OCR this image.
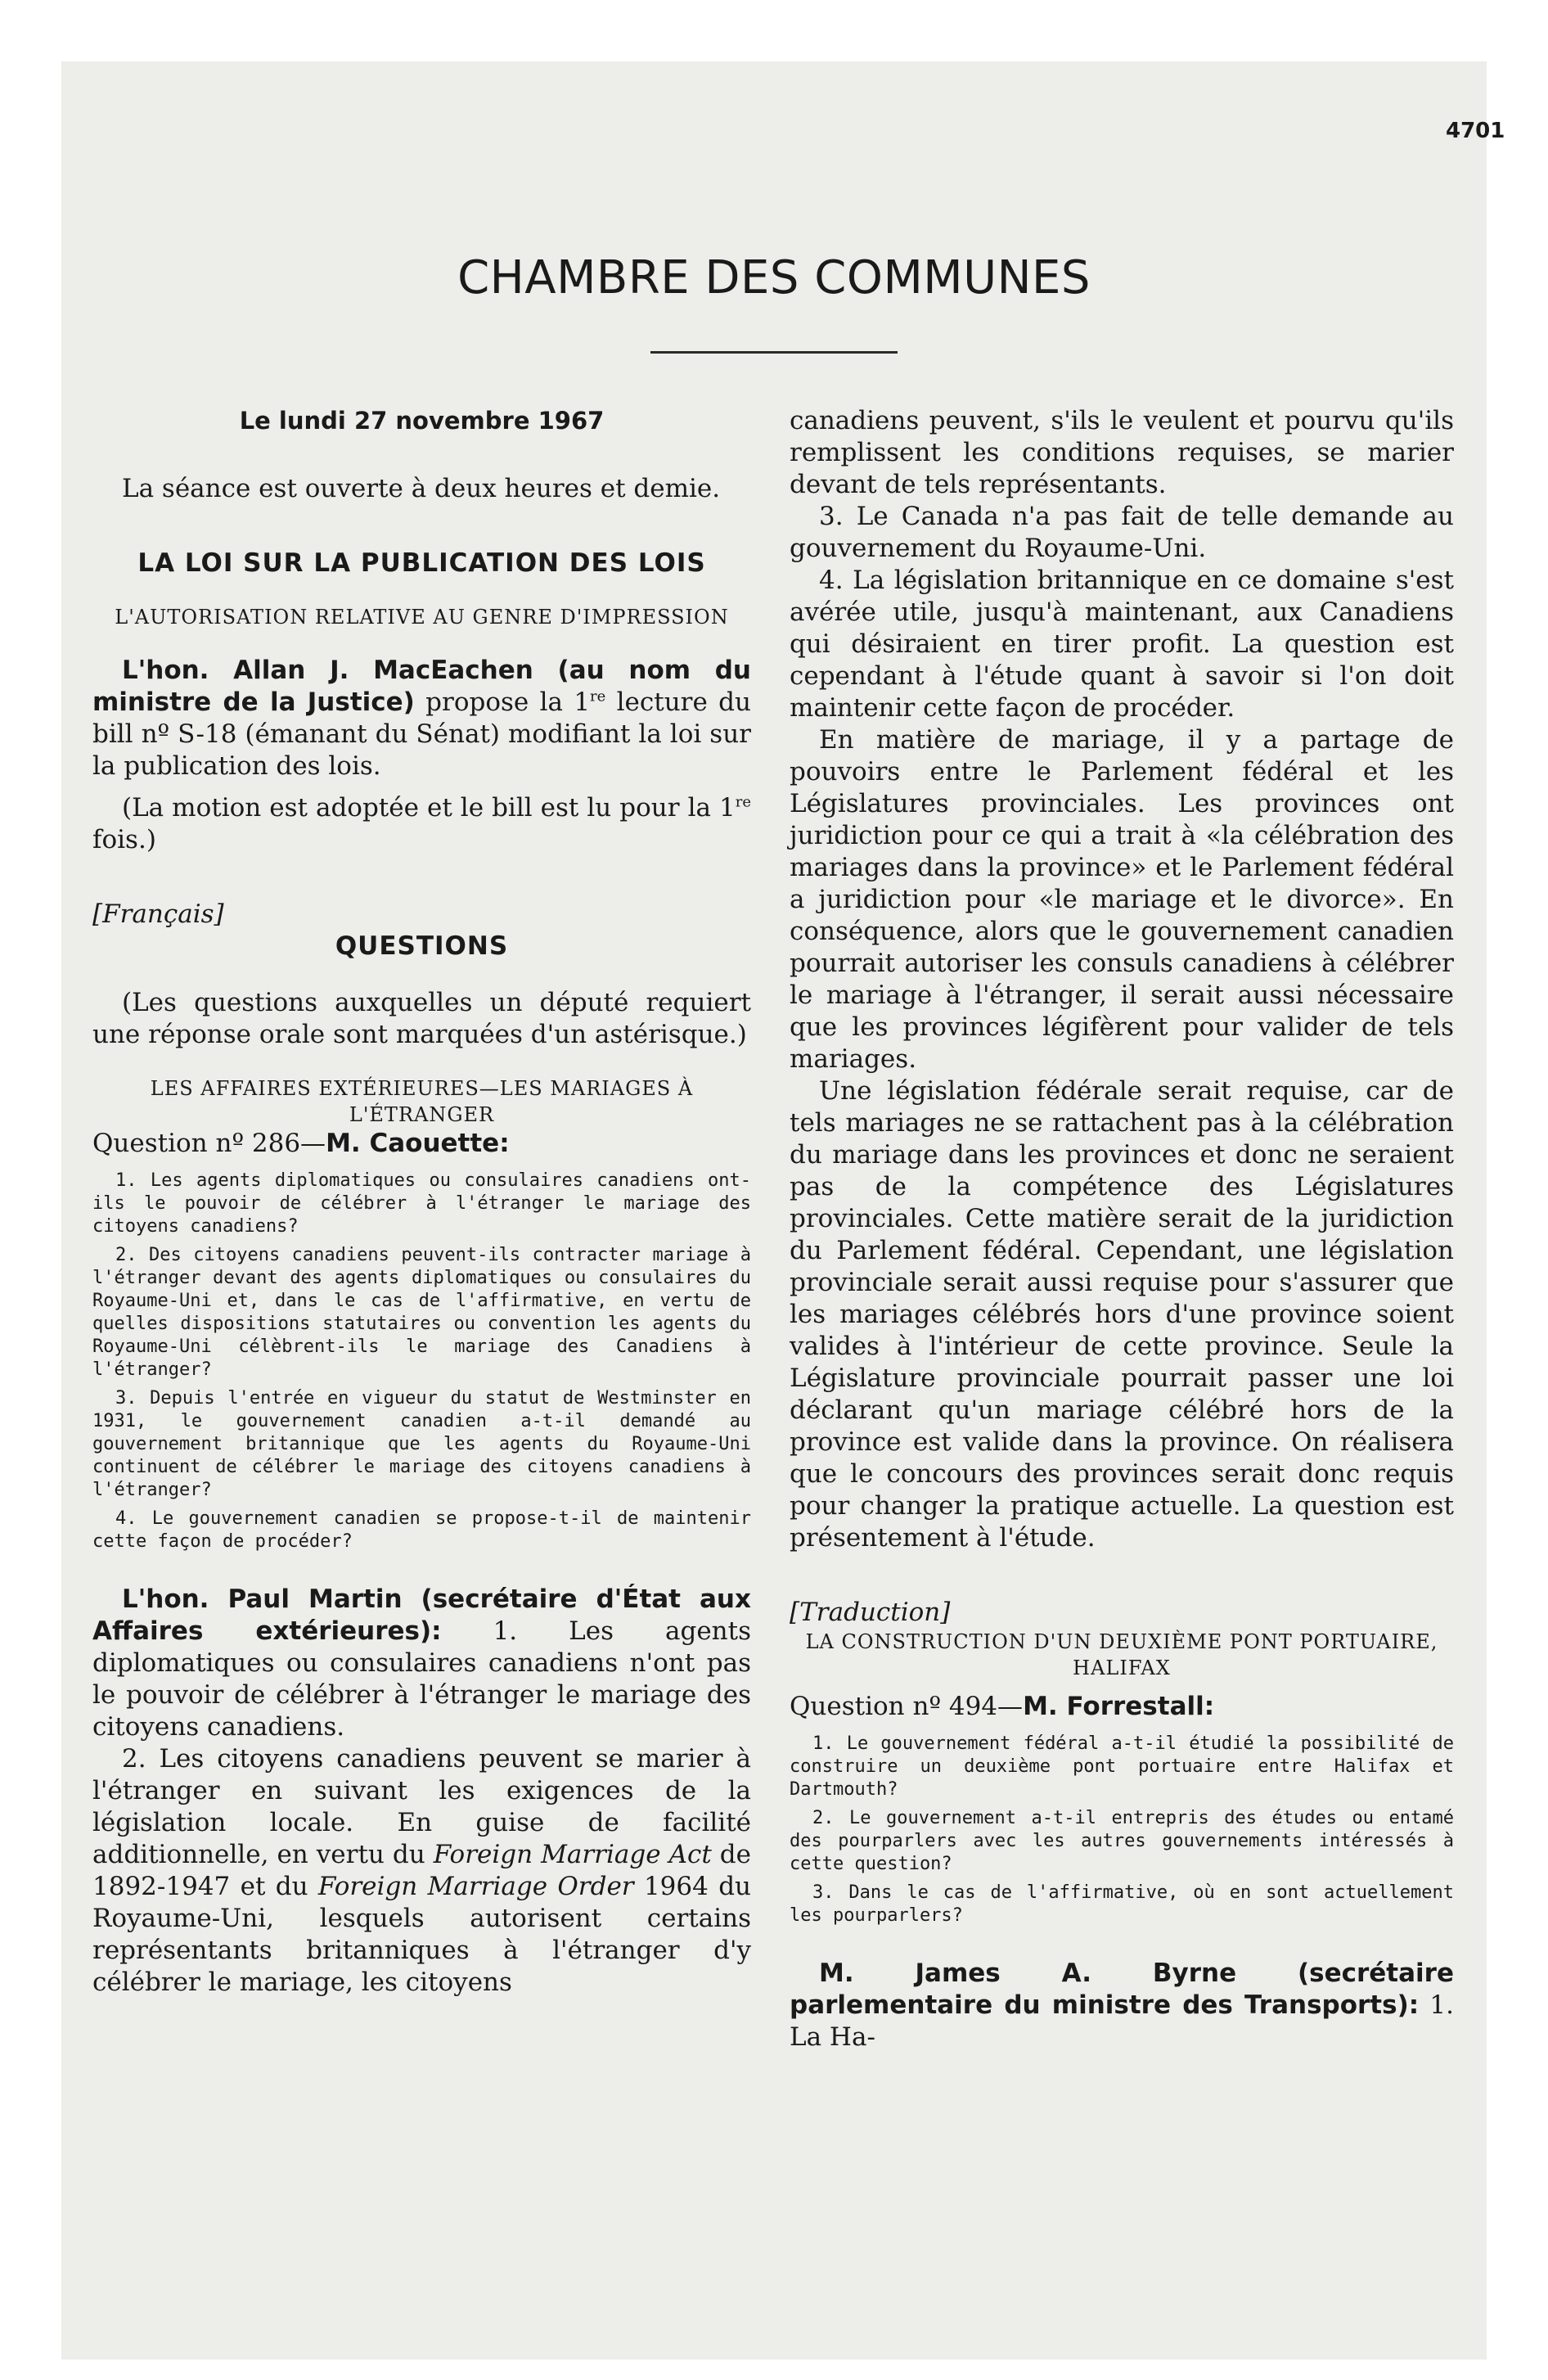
4701

CHAMBRE DES COMMUNES

Le lundi 27 novembre 1967

La séance est ouverte à deux heures et demie.

LA LOI SUR LA PUBLICATION DES LOIS

L'AUTORISATION RELATIVE AU GENRE D'IMPRESSION

L'hon. Allan J. MacEachen (au nom du ministre de la Justice) propose la 1re lecture du bill nº S-18 (émanant du Sénat) modifiant la loi sur la publication des lois.

(La motion est adoptée et le bill est lu pour la 1re fois.)

[Français]

QUESTIONS

(Les questions auxquelles un député requiert une réponse orale sont marquées d'un astérisque.)

LES AFFAIRES EXTÉRIEURES—LES MARIAGES À L'ÉTRANGER

Question nº 286—M. Caouette:

1. Les agents diplomatiques ou consulaires canadiens ont-ils le pouvoir de célébrer à l'étranger le mariage des citoyens canadiens?

2. Des citoyens canadiens peuvent-ils contracter mariage à l'étranger devant des agents diplomatiques ou consulaires du Royaume-Uni et, dans le cas de l'affirmative, en vertu de quelles dispositions statutaires ou convention les agents du Royaume-Uni célèbrent-ils le mariage des Canadiens à l'étranger?

3. Depuis l'entrée en vigueur du statut de Westminster en 1931, le gouvernement canadien a-t-il demandé au gouvernement britannique que les agents du Royaume-Uni continuent de célébrer le mariage des citoyens canadiens à l'étranger?

4. Le gouvernement canadien se propose-t-il de maintenir cette façon de procéder?

L'hon. Paul Martin (secrétaire d'État aux Affaires extérieures): 1. Les agents diplomatiques ou consulaires canadiens n'ont pas le pouvoir de célébrer à l'étranger le mariage des citoyens canadiens.

2. Les citoyens canadiens peuvent se marier à l'étranger en suivant les exigences de la législation locale. En guise de facilité additionnelle, en vertu du Foreign Marriage Act de 1892-1947 et du Foreign Marriage Order 1964 du Royaume-Uni, lesquels autorisent certains représentants britanniques à l'étranger d'y célébrer le mariage, les citoyens

canadiens peuvent, s'ils le veulent et pourvu qu'ils remplissent les conditions requises, se marier devant de tels représentants.

3. Le Canada n'a pas fait de telle demande au gouvernement du Royaume-Uni.

4. La législation britannique en ce domaine s'est avérée utile, jusqu'à maintenant, aux Canadiens qui désiraient en tirer profit. La question est cependant à l'étude quant à savoir si l'on doit maintenir cette façon de procéder.

En matière de mariage, il y a partage de pouvoirs entre le Parlement fédéral et les Législatures provinciales. Les provinces ont juridiction pour ce qui a trait à «la célébration des mariages dans la province» et le Parlement fédéral a juridiction pour «le mariage et le divorce». En conséquence, alors que le gouvernement canadien pourrait autoriser les consuls canadiens à célébrer le mariage à l'étranger, il serait aussi nécessaire que les provinces légifèrent pour valider de tels mariages.

Une législation fédérale serait requise, car de tels mariages ne se rattachent pas à la célébration du mariage dans les provinces et donc ne seraient pas de la compétence des Législatures provinciales. Cette matière serait de la juridiction du Parlement fédéral. Cependant, une législation provinciale serait aussi requise pour s'assurer que les mariages célébrés hors d'une province soient valides à l'intérieur de cette province. Seule la Législature provinciale pourrait passer une loi déclarant qu'un mariage célébré hors de la province est valide dans la province. On réalisera que le concours des provinces serait donc requis pour changer la pratique actuelle. La question est présentement à l'étude.

[Traduction]

LA CONSTRUCTION D'UN DEUXIÈME PONT PORTUAIRE, HALIFAX

Question nº 494—M. Forrestall:

1. Le gouvernement fédéral a-t-il étudié la possibilité de construire un deuxième pont portuaire entre Halifax et Dartmouth?

2. Le gouvernement a-t-il entrepris des études ou entamé des pourparlers avec les autres gouvernements intéressés à cette question?

3. Dans le cas de l'affirmative, où en sont actuellement les pourparlers?

M. James A. Byrne (secrétaire parlementaire du ministre des Transports): 1. La Ha-
